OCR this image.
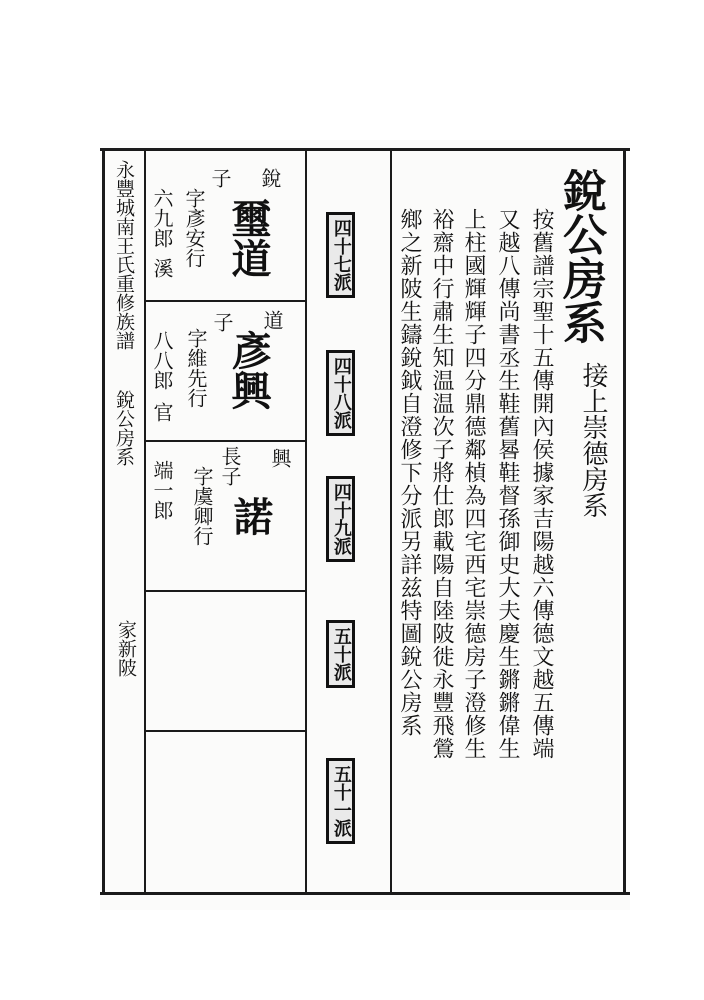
永豐城南王氏重修族譜
銳公房系
家新陂
銳
子
璽道
字彥安行
六九郎
溪
道
子
彥興
字維先行
八八郎
官
興
長子
諾
字虞卿行
端一郎
四十七派
四十八派
四十九派
五十派
五十一派
銳公房系
接上崇德房系
按舊譜宗聖十五傳開內侯據家吉陽越六傳德文越五傳端
又越八傳尚書丞生鞋舊晷鞋督孫御史大夫慶生鏘鏘偉生
上柱國輝輝子四分鼎德鄰楨為四宅西宅崇德房子澄修生
裕齋中行肅生知温温次子將仕郎載陽自陸陂徙永豐飛鶯
鄉之新陂生鑄銳鉞自澄修下分派另詳兹特圖銳公房系
